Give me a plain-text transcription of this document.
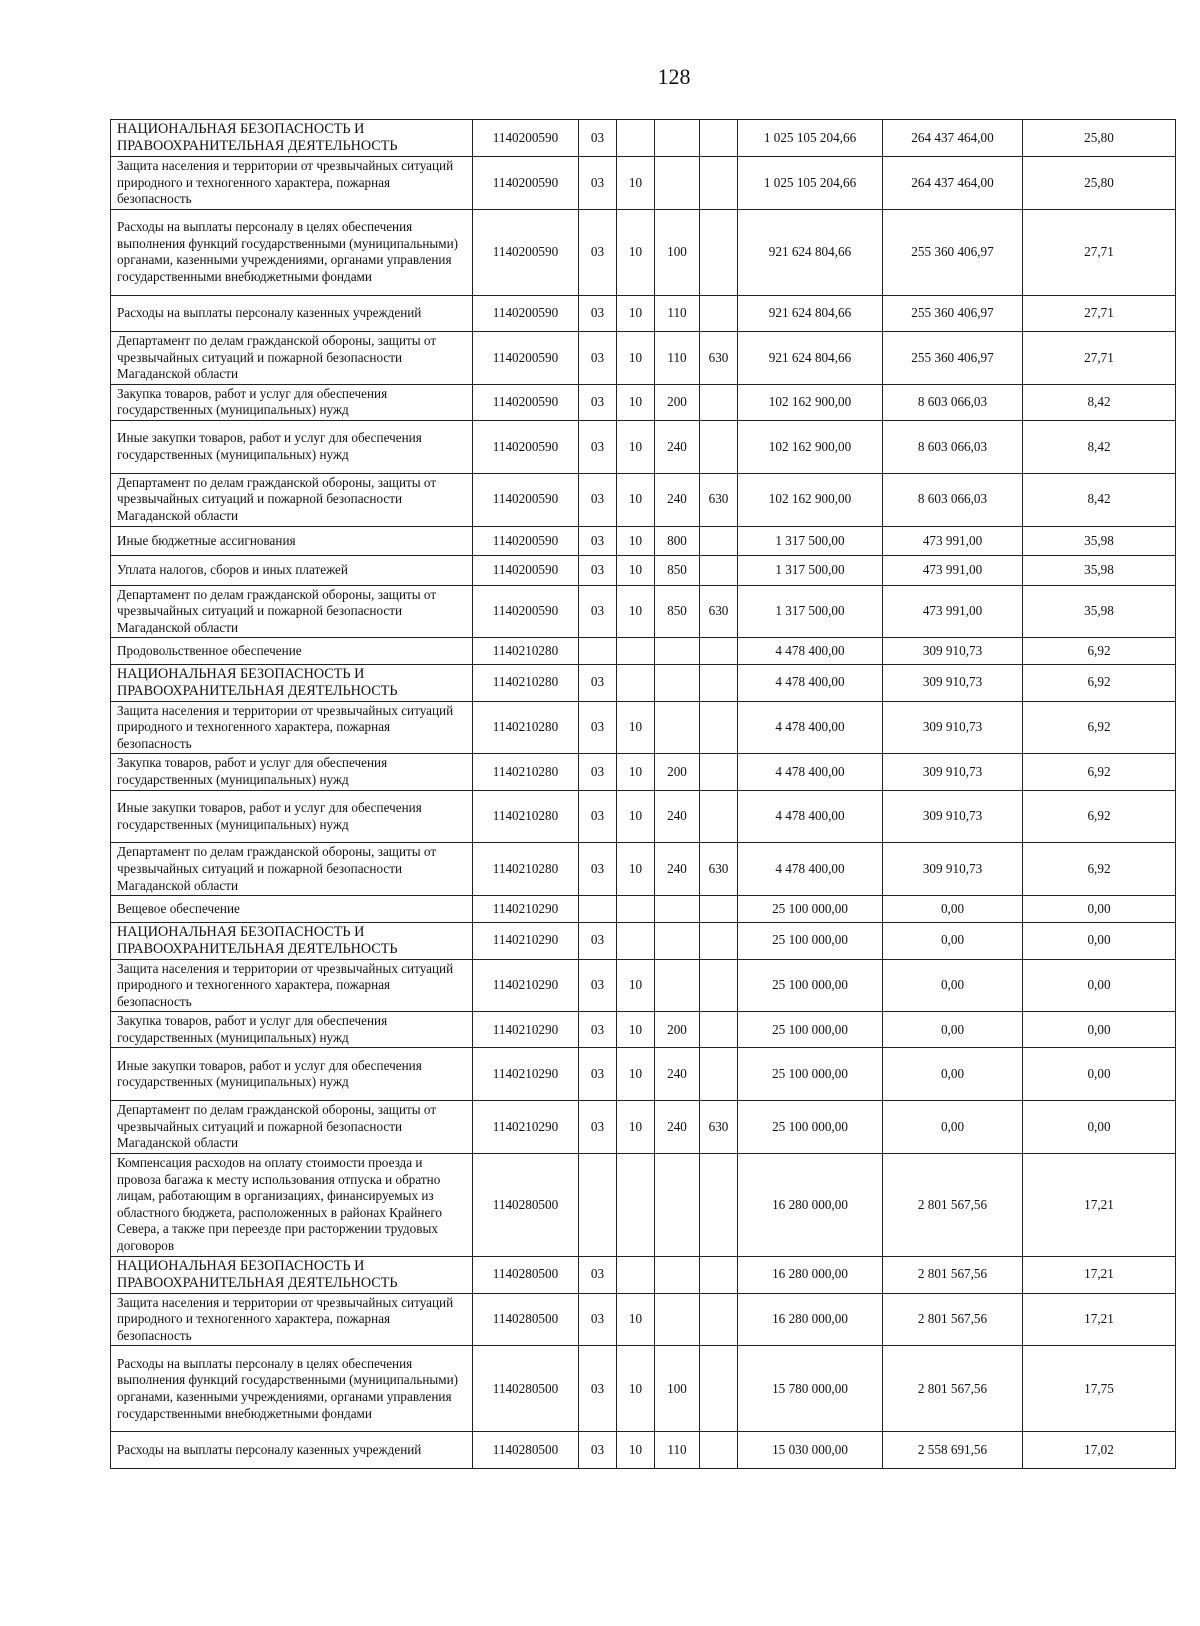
128
НАЦИОНАЛЬНАЯ БЕЗОПАСНОСТЬ И ПРАВООХРАНИТЕЛЬНАЯ ДЕЯТЕЛЬНОСТЬ	1140200590	03				1 025 105 204,66	264 437 464,00	25,80
Защита населения и территории от чрезвычайных ситуаций природного и техногенного характера, пожарная безопасность	1140200590	03	10			1 025 105 204,66	264 437 464,00	25,80
Расходы на выплаты персоналу в целях обеспечения выполнения функций государственными (муниципальными) органами, казенными учреждениями, органами управления государственными внебюджетными фондами	1140200590	03	10	100		921 624 804,66	255 360 406,97	27,71
Расходы на выплаты персоналу казенных учреждений	1140200590	03	10	110		921 624 804,66	255 360 406,97	27,71
Департамент по делам гражданской обороны, защиты от чрезвычайных ситуаций и пожарной безопасности Магаданской области	1140200590	03	10	110	630	921 624 804,66	255 360 406,97	27,71
Закупка товаров, работ и услуг для обеспечения государственных (муниципальных) нужд	1140200590	03	10	200		102 162 900,00	8 603 066,03	8,42
Иные закупки товаров, работ и услуг для обеспечения государственных (муниципальных) нужд	1140200590	03	10	240		102 162 900,00	8 603 066,03	8,42
Департамент по делам гражданской обороны, защиты от чрезвычайных ситуаций и пожарной безопасности Магаданской области	1140200590	03	10	240	630	102 162 900,00	8 603 066,03	8,42
Иные бюджетные ассигнования	1140200590	03	10	800		1 317 500,00	473 991,00	35,98
Уплата налогов, сборов и иных платежей	1140200590	03	10	850		1 317 500,00	473 991,00	35,98
Департамент по делам гражданской обороны, защиты от чрезвычайных ситуаций и пожарной безопасности Магаданской области	1140200590	03	10	850	630	1 317 500,00	473 991,00	35,98
Продовольственное обеспечение	1140210280					4 478 400,00	309 910,73	6,92
НАЦИОНАЛЬНАЯ БЕЗОПАСНОСТЬ И ПРАВООХРАНИТЕЛЬНАЯ ДЕЯТЕЛЬНОСТЬ	1140210280	03				4 478 400,00	309 910,73	6,92
Защита населения и территории от чрезвычайных ситуаций природного и техногенного характера, пожарная безопасность	1140210280	03	10			4 478 400,00	309 910,73	6,92
Закупка товаров, работ и услуг для обеспечения государственных (муниципальных) нужд	1140210280	03	10	200		4 478 400,00	309 910,73	6,92
Иные закупки товаров, работ и услуг для обеспечения государственных (муниципальных) нужд	1140210280	03	10	240		4 478 400,00	309 910,73	6,92
Департамент по делам гражданской обороны, защиты от чрезвычайных ситуаций и пожарной безопасности Магаданской области	1140210280	03	10	240	630	4 478 400,00	309 910,73	6,92
Вещевое обеспечение	1140210290					25 100 000,00	0,00	0,00
НАЦИОНАЛЬНАЯ БЕЗОПАСНОСТЬ И ПРАВООХРАНИТЕЛЬНАЯ ДЕЯТЕЛЬНОСТЬ	1140210290	03				25 100 000,00	0,00	0,00
Защита населения и территории от чрезвычайных ситуаций природного и техногенного характера, пожарная безопасность	1140210290	03	10			25 100 000,00	0,00	0,00
Закупка товаров, работ и услуг для обеспечения государственных (муниципальных) нужд	1140210290	03	10	200		25 100 000,00	0,00	0,00
Иные закупки товаров, работ и услуг для обеспечения государственных (муниципальных) нужд	1140210290	03	10	240		25 100 000,00	0,00	0,00
Департамент по делам гражданской обороны, защиты от чрезвычайных ситуаций и пожарной безопасности Магаданской области	1140210290	03	10	240	630	25 100 000,00	0,00	0,00
Компенсация расходов на оплату стоимости проезда и провоза багажа к месту использования отпуска и обратно лицам, работающим в организациях, финансируемых из областного бюджета, расположенных в районах Крайнего Севера, а также при переезде при расторжении трудовых договоров	1140280500					16 280 000,00	2 801 567,56	17,21
НАЦИОНАЛЬНАЯ БЕЗОПАСНОСТЬ И ПРАВООХРАНИТЕЛЬНАЯ ДЕЯТЕЛЬНОСТЬ	1140280500	03				16 280 000,00	2 801 567,56	17,21
Защита населения и территории от чрезвычайных ситуаций природного и техногенного характера, пожарная безопасность	1140280500	03	10			16 280 000,00	2 801 567,56	17,21
Расходы на выплаты персоналу в целях обеспечения выполнения функций государственными (муниципальными) органами, казенными учреждениями, органами управления государственными внебюджетными фондами	1140280500	03	10	100		15 780 000,00	2 801 567,56	17,75
Расходы на выплаты персоналу казенных учреждений	1140280500	03	10	110		15 030 000,00	2 558 691,56	17,02
